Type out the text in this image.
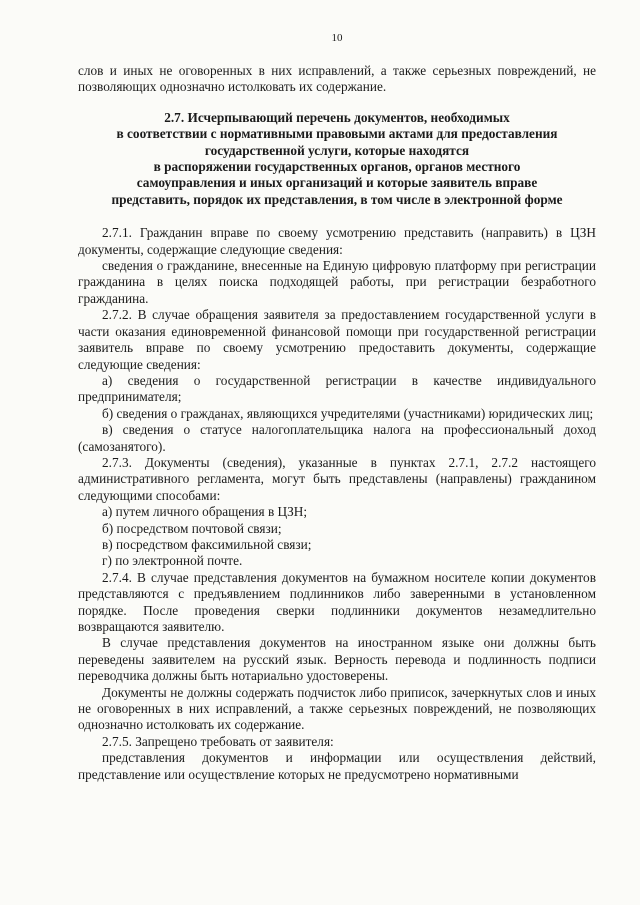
10

слов и иных не оговоренных в них исправлений, а также серьезных повреждений, не позволяющих однозначно истолковать их содержание.

2.7. Исчерпывающий перечень документов, необходимых
в соответствии с нормативными правовыми актами для предоставления
государственной услуги, которые находятся
в распоряжении государственных органов, органов местного
самоуправления и иных организаций и которые заявитель вправе
представить, порядок их представления, в том числе в электронной форме

2.7.1. Гражданин вправе по своему усмотрению представить (направить) в ЦЗН документы, содержащие следующие сведения:

сведения о гражданине, внесенные на Единую цифровую платформу при регистрации гражданина в целях поиска подходящей работы, при регистрации безработного гражданина.

2.7.2. В случае обращения заявителя за предоставлением государственной услуги в части оказания единовременной финансовой помощи при государственной регистрации заявитель вправе по своему усмотрению предоставить документы, содержащие следующие сведения:

а) сведения о государственной регистрации в качестве индивидуального предпринимателя;

б) сведения о гражданах, являющихся учредителями (участниками) юридических лиц;

в) сведения о статусе налогоплательщика налога на профессиональный доход (самозанятого).

2.7.3. Документы (сведения), указанные в пунктах 2.7.1, 2.7.2 настоящего административного регламента, могут быть представлены (направлены) гражданином следующими способами:

а) путем личного обращения в ЦЗН;

б) посредством почтовой связи;

в) посредством факсимильной связи;

г) по электронной почте.

2.7.4. В случае представления документов на бумажном носителе копии документов представляются с предъявлением подлинников либо заверенными в установленном порядке. После проведения сверки подлинники документов незамедлительно возвращаются заявителю.

В случае представления документов на иностранном языке они должны быть переведены заявителем на русский язык. Верность перевода и подлинность подписи переводчика должны быть нотариально удостоверены.

Документы не должны содержать подчисток либо приписок, зачеркнутых слов и иных не оговоренных в них исправлений, а также серьезных повреждений, не позволяющих однозначно истолковать их содержание.

2.7.5. Запрещено требовать от заявителя:

представления документов и информации или осуществления действий, представление или осуществление которых не предусмотрено нормативными
